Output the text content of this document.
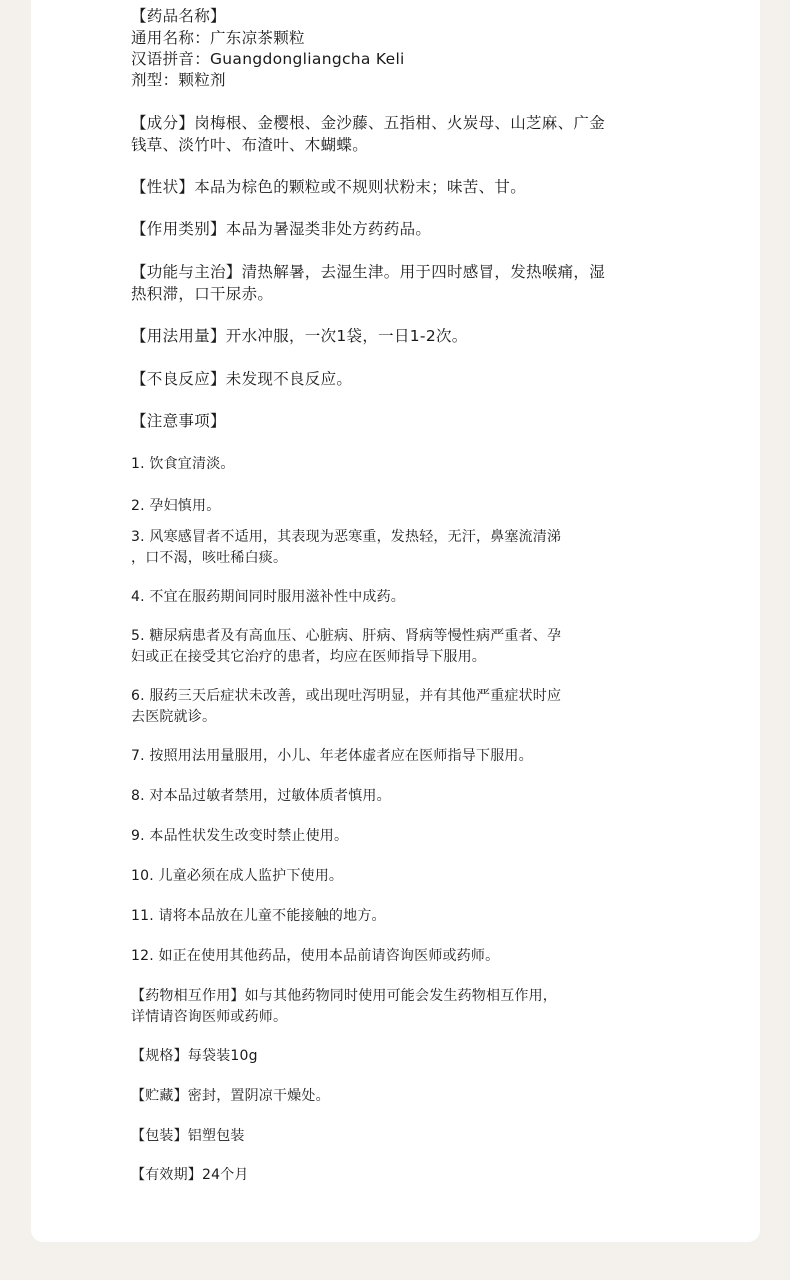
【药品名称】
通用名称：广东凉茶颗粒
汉语拼音：Guangdongliangcha Keli
剂型：颗粒剂
【成分】岗梅根、金樱根、金沙藤、五指柑、火炭母、山芝麻、广金
钱草、淡竹叶、布渣叶、木蝴蝶。
【性状】本品为棕色的颗粒或不规则状粉末；味苦、甘。
【作用类别】本品为暑湿类非处方药药品。
【功能与主治】清热解暑，去湿生津。用于四时感冒，发热喉痛，湿
热积滞，口干尿赤。
【用法用量】开水冲服，一次1袋，一日1-2次。
【不良反应】未发现不良反应。
【注意事项】
1. 饮食宜清淡。
2. 孕妇慎用。
3. 风寒感冒者不适用，其表现为恶寒重，发热轻，无汗，鼻塞流清涕
，口不渴，咳吐稀白痰。
4. 不宜在服药期间同时服用滋补性中成药。
5. 糖尿病患者及有高血压、心脏病、肝病、肾病等慢性病严重者、孕
妇或正在接受其它治疗的患者，均应在医师指导下服用。
6. 服药三天后症状未改善，或出现吐泻明显，并有其他严重症状时应
去医院就诊。
7. 按照用法用量服用，小儿、年老体虚者应在医师指导下服用。
8. 对本品过敏者禁用，过敏体质者慎用。
9. 本品性状发生改变时禁止使用。
10. 儿童必须在成人监护下使用。
11. 请将本品放在儿童不能接触的地方。
12. 如正在使用其他药品，使用本品前请咨询医师或药师。
【药物相互作用】如与其他药物同时使用可能会发生药物相互作用，
详情请咨询医师或药师。
【规格】每袋装10g
【贮藏】密封，置阴凉干燥处。
【包装】铝塑包装
【有效期】24个月
